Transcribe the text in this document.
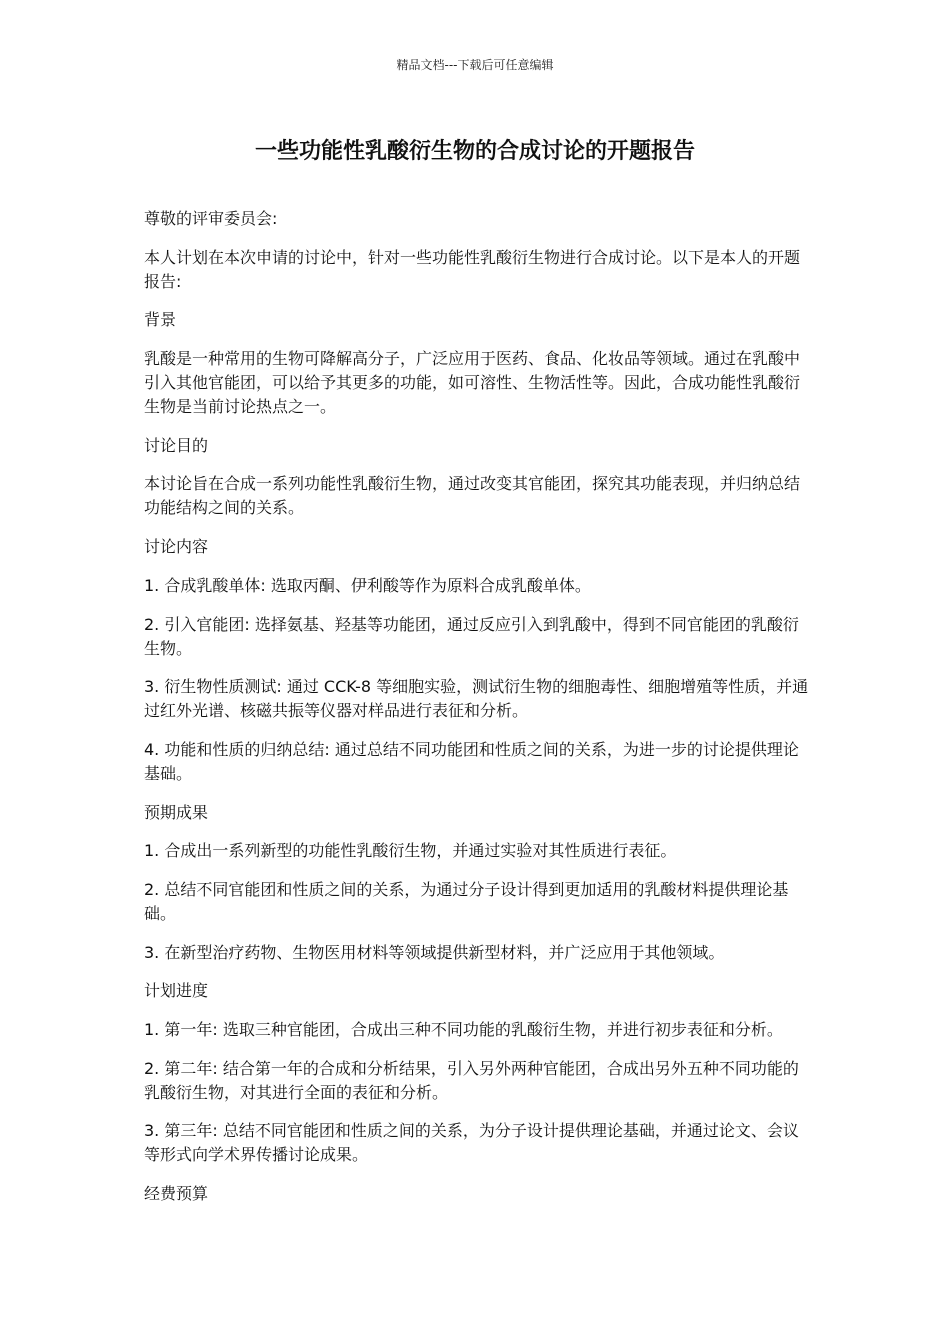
精品文档---下载后可任意编辑
一些功能性乳酸衍生物的合成讨论的开题报告

尊敬的评审委员会:

本人计划在本次申请的讨论中，针对一些功能性乳酸衍生物进行合成讨论。以下是本人的开题报告:

背景

乳酸是一种常用的生物可降解高分子，广泛应用于医药、食品、化妆品等领域。通过在乳酸中引入其他官能团，可以给予其更多的功能，如可溶性、生物活性等。因此，合成功能性乳酸衍生物是当前讨论热点之一。

讨论目的

本讨论旨在合成一系列功能性乳酸衍生物，通过改变其官能团，探究其功能表现，并归纳总结功能结构之间的关系。

讨论内容

1. 合成乳酸单体: 选取丙酮、伊利酸等作为原料合成乳酸单体。

2. 引入官能团: 选择氨基、羟基等功能团，通过反应引入到乳酸中，得到不同官能团的乳酸衍生物。

3. 衍生物性质测试: 通过 CCK-8 等细胞实验，测试衍生物的细胞毒性、细胞增殖等性质，并通过红外光谱、核磁共振等仪器对样品进行表征和分析。

4. 功能和性质的归纳总结: 通过总结不同功能团和性质之间的关系，为进一步的讨论提供理论基础。

预期成果

1. 合成出一系列新型的功能性乳酸衍生物，并通过实验对其性质进行表征。

2. 总结不同官能团和性质之间的关系，为通过分子设计得到更加适用的乳酸材料提供理论基础。

3. 在新型治疗药物、生物医用材料等领域提供新型材料，并广泛应用于其他领域。

计划进度

1. 第一年: 选取三种官能团，合成出三种不同功能的乳酸衍生物，并进行初步表征和分析。

2. 第二年: 结合第一年的合成和分析结果，引入另外两种官能团，合成出另外五种不同功能的乳酸衍生物，对其进行全面的表征和分析。

3. 第三年: 总结不同官能团和性质之间的关系，为分子设计提供理论基础，并通过论文、会议等形式向学术界传播讨论成果。

经费预算
